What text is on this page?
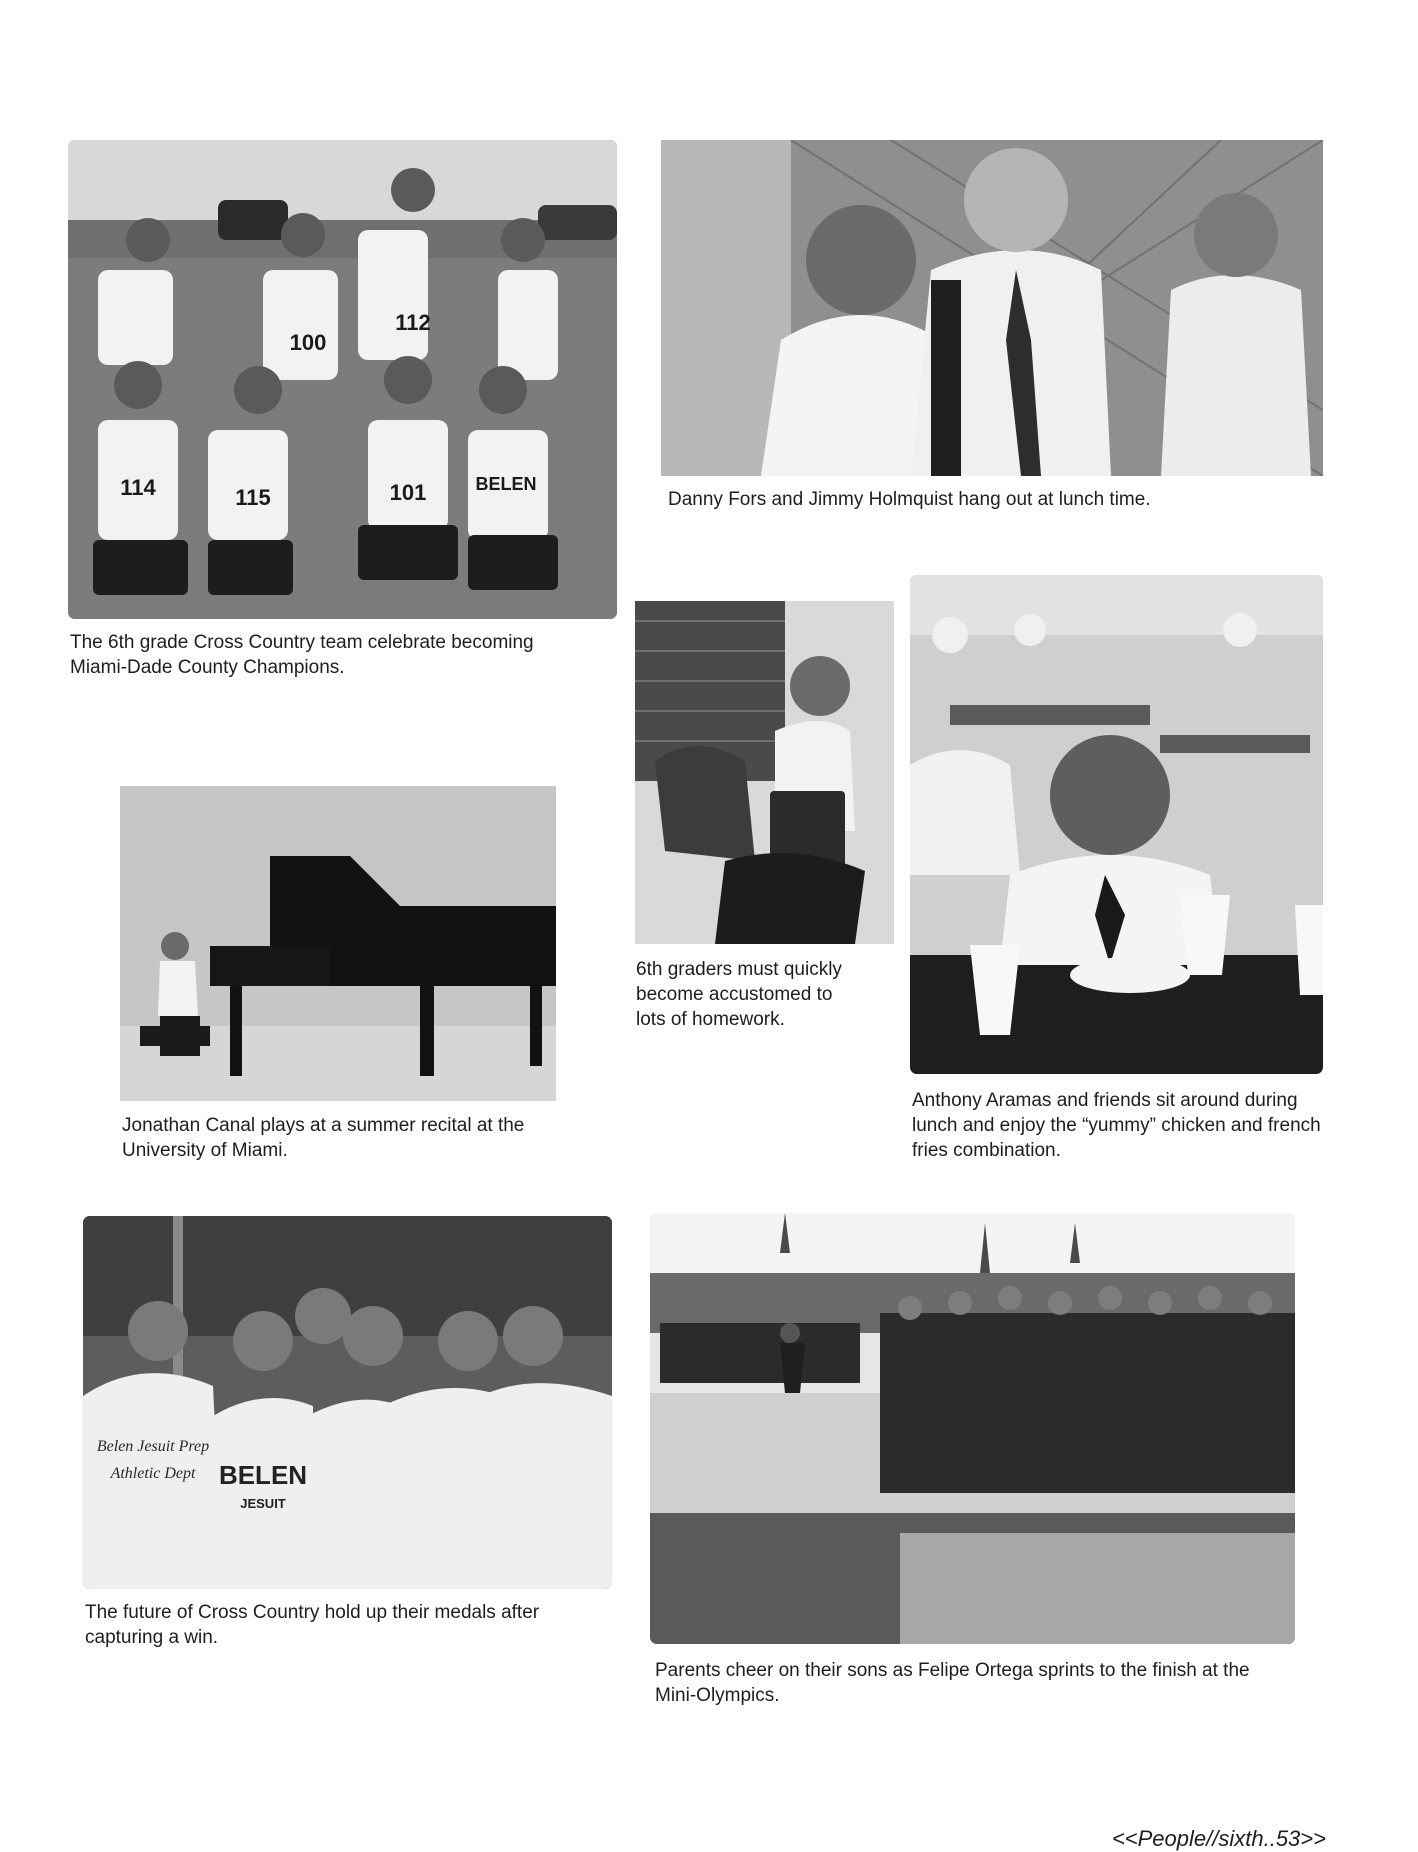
114	115	101
112
100
BELEN

The 6th grade Cross Country team celebrate becoming Miami-Dade County Champions.

Danny Fors and Jimmy Holmquist hang out at lunch time.

6th graders must quickly become accustomed to lots of homework.

Anthony Aramas and friends sit around during lunch and enjoy the “yummy” chicken and french fries combination.

Jonathan Canal plays at a summer recital at the University of Miami.

Belen Jesuit Prep
Athletic Dept BELEN
JESUIT

The future of Cross Country hold up their medals after capturing a win.

Parents cheer on their sons as Felipe Ortega sprints to the finish at the Mini-Olympics.

<<People//sixth..53>>
